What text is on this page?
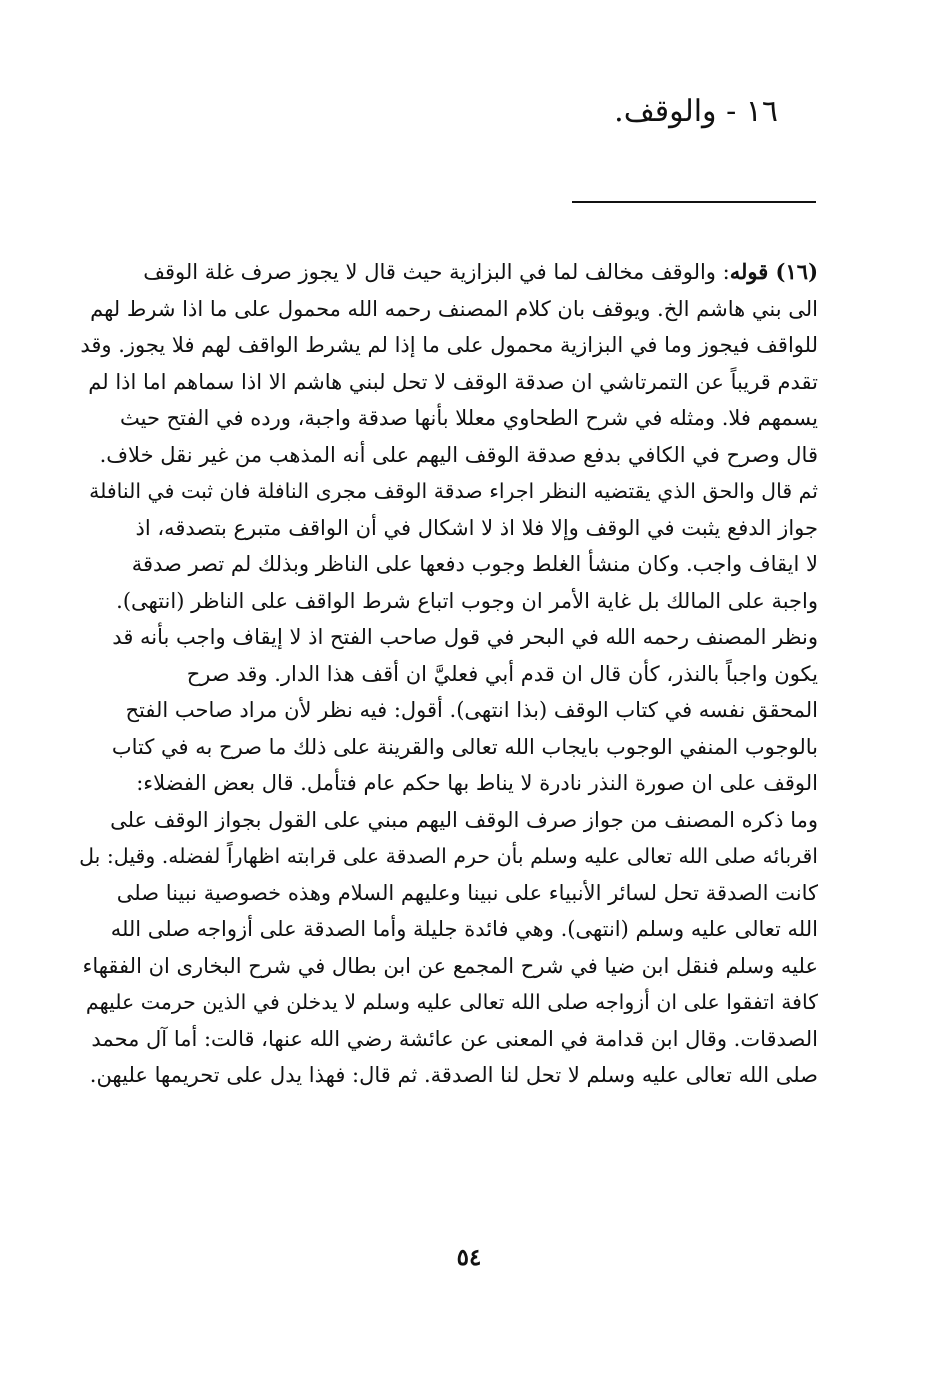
١٦ - والوقف.
(١٦) قوله: والوقف مخالف لما في البزازية حيث قال لا يجوز صرف غلة الوقف
الى بني هاشم الخ. ويوقف بان كلام المصنف رحمه الله محمول على ما اذا شرط لهم
للواقف فيجوز وما في البزازية محمول على ما إذا لم يشرط الواقف لهم فلا يجوز. وقد
تقدم قريباً عن التمرتاشي ان صدقة الوقف لا تحل لبني هاشم الا اذا سماهم اما اذا لم
يسمهم فلا. ومثله في شرح الطحاوي معللا بأنها صدقة واجبة، ورده في الفتح حيث
قال وصرح في الكافي بدفع صدقة الوقف اليهم على أنه المذهب من غير نقل خلاف.
ثم قال والحق الذي يقتضيه النظر اجراء صدقة الوقف مجرى النافلة فان ثبت في النافلة
جواز الدفع يثبت في الوقف وإلا فلا اذ لا اشكال في أن الواقف متبرع بتصدقه، اذ
لا ايقاف واجب. وكان منشأ الغلط وجوب دفعها على الناظر وبذلك لم تصر صدقة
واجبة على المالك بل غاية الأمر ان وجوب اتباع شرط الواقف على الناظر (انتهى).
ونظر المصنف رحمه الله في البحر في قول صاحب الفتح اذ لا إيقاف واجب بأنه قد
يكون واجباً بالنذر، كأن قال ان قدم أبي فعليَّ ان أقف هذا الدار. وقد صرح
المحقق نفسه في كتاب الوقف (بذا انتهى). أقول: فيه نظر لأن مراد صاحب الفتح
بالوجوب المنفي الوجوب بايجاب الله تعالى والقرينة على ذلك ما صرح به في كتاب
الوقف على ان صورة النذر نادرة لا يناط بها حكم عام فتأمل. قال بعض الفضلاء:
وما ذكره المصنف من جواز صرف الوقف اليهم مبني على القول بجواز الوقف على
اقربائه صلى الله تعالى عليه وسلم بأن حرم الصدقة على قرابته اظهاراً لفضله. وقيل: بل
كانت الصدقة تحل لسائر الأنبياء على نبينا وعليهم السلام وهذه خصوصية نبينا صلى
الله تعالى عليه وسلم (انتهى). وهي فائدة جليلة وأما الصدقة على أزواجه صلى الله
عليه وسلم فنقل ابن ضيا في شرح المجمع عن ابن بطال في شرح البخارى ان الفقهاء
كافة اتفقوا على ان أزواجه صلى الله تعالى عليه وسلم لا يدخلن في الذين حرمت عليهم
الصدقات. وقال ابن قدامة في المعنى عن عائشة رضي الله عنها، قالت: أما آل محمد
صلى الله تعالى عليه وسلم لا تحل لنا الصدقة. ثم قال: فهذا يدل على تحريمها عليهن.
٥٤
